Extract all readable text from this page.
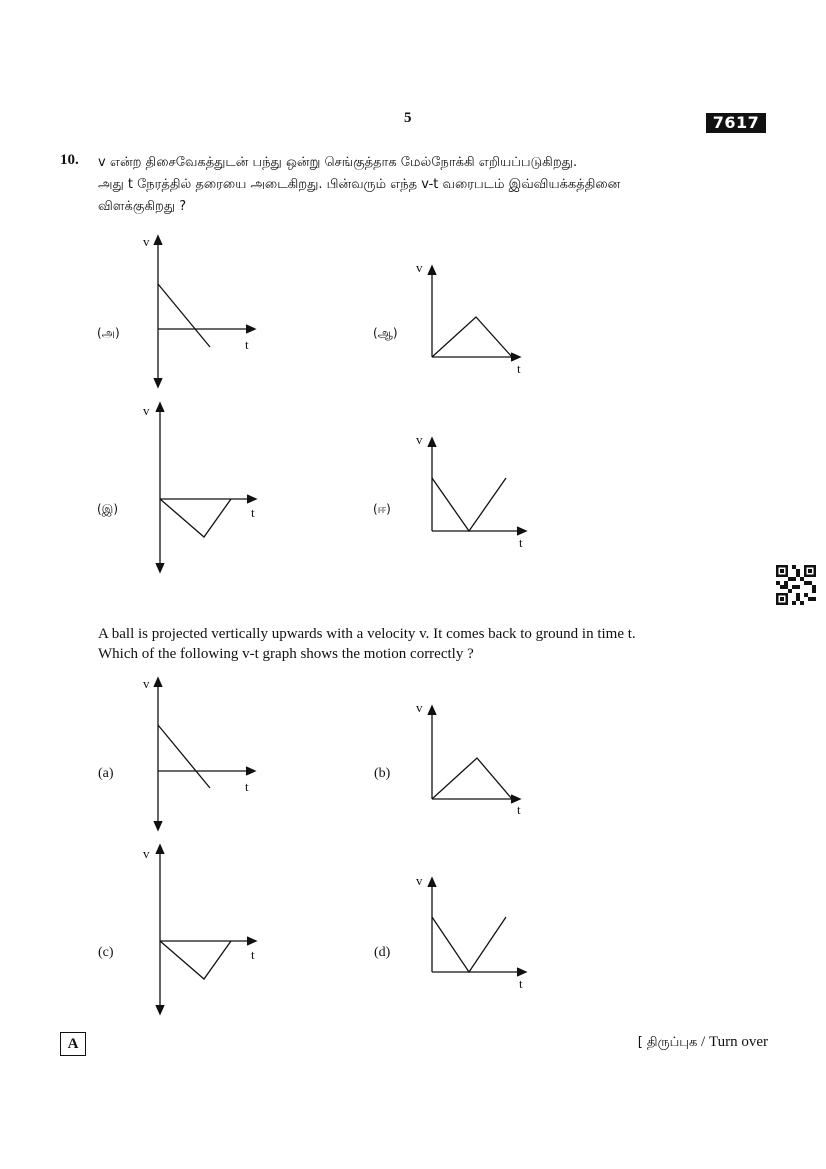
5	7617
10. v என்ற திசைவேகத்துடன் பந்து ஒன்று செங்குத்தாக மேல்நோக்கி எறியப்படுகிறது.
அது t நேரத்தில் தரையை அடைகிறது. பின்வரும் எந்த v-t வரைபடம் இவ்வியக்கத்தினை
விளக்குகிறது ?
(அ)	(ஆ)
(இ)	(ஈ)
v
t
v
t
v
t
v
t
A ball is projected vertically upwards with a velocity v. It comes back to ground in time t.
Which of the following v-t graph shows the motion correctly ?
(a)	(b)
(c)	(d)
v
t
v
t
v
t
v
t
A	[ திருப்புக / Turn over
